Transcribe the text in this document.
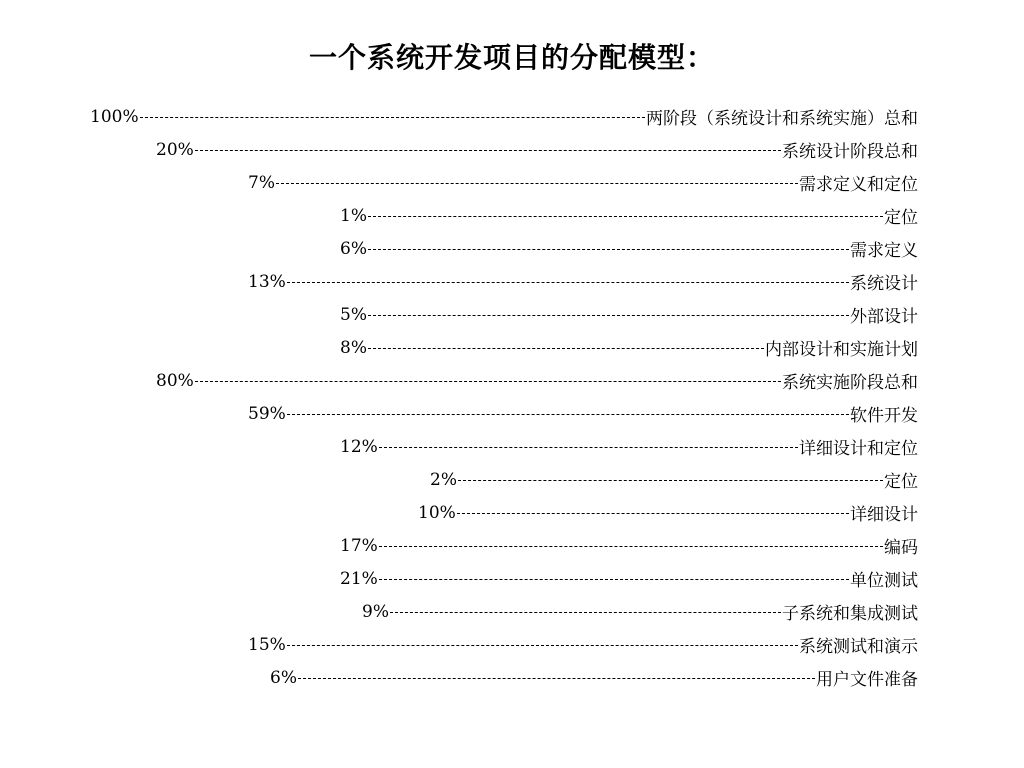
一个系统开发项目的分配模型：
100%	两阶段（系统设计和系统实施）总和
20%	系统设计阶段总和
7%	需求定义和定位
1%	定位
6%	需求定义
13%	系统设计
5%	外部设计
8%	内部设计和实施计划
80%	系统实施阶段总和
59%	软件开发
12%	详细设计和定位
2%	定位
10%	详细设计
17%	编码
21%	单位测试
9%	子系统和集成测试
15%	系统测试和演示
6%	用户文件准备
